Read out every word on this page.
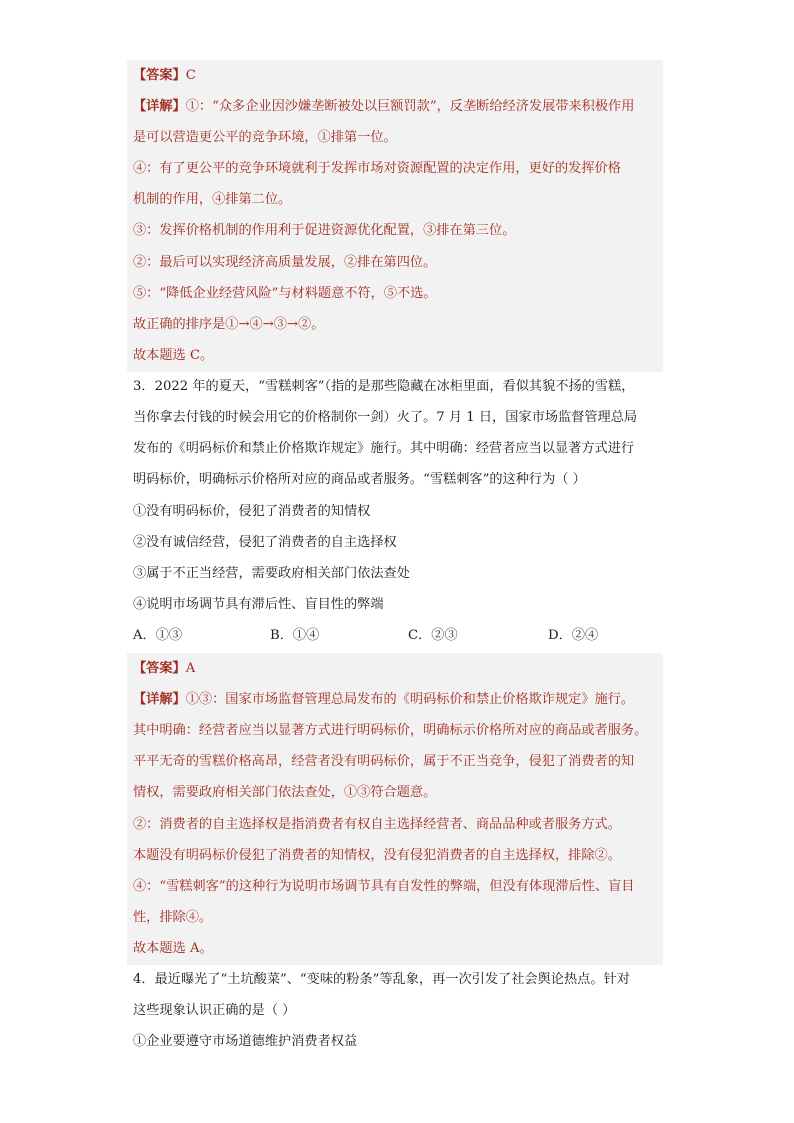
【答案】C
【详解】①：“众多企业因沙嫌垄断被处以巨额罚款”，反垄断给经济发展带来积极作用
是可以营造更公平的竞争环境，①排第一位。
④：有了更公平的竞争环境就利于发挥市场对资源配置的决定作用，更好的发挥价格
机制的作用，④排第二位。
③：发挥价格机制的作用利于促进资源优化配置，③排在第三位。
②：最后可以实现经济高质量发展，②排在第四位。
⑤：“降低企业经营风险”与材料题意不符，⑤不选。
故正确的排序是①→④→③→②。
故本题选 C。
3．2022 年的夏天，“雪糕刺客”（指的是那些隐藏在冰柜里面，看似其貌不扬的雪糕，
当你拿去付钱的时候会用它的价格制你一剑）火了。7 月 1 日，国家市场监督管理总局
发布的《明码标价和禁止价格欺诈规定》施行。其中明确：经营者应当以显著方式进行
明码标价，明确标示价格所对应的商品或者服务。“雪糕刺客”的这种行为（ ）
①没有明码标价，侵犯了消费者的知情权
②没有诚信经营，侵犯了消费者的自主选择权
③属于不正当经营，需要政府相关部门依法查处
④说明市场调节具有滞后性、盲目性的弊端
A．①③	B．①④	C．②③	D．②④
【答案】A
【详解】①③：国家市场监督管理总局发布的《明码标价和禁止价格欺诈规定》施行。
其中明确：经营者应当以显著方式进行明码标价，明确标示价格所对应的商品或者服务。
平平无奇的雪糕价格高昂，经营者没有明码标价，属于不正当竞争，侵犯了消费者的知
情权，需要政府相关部门依法查处，①③符合题意。
②：消费者的自主选择权是指消费者有权自主选择经营者、商品品种或者服务方式。
本题没有明码标价侵犯了消费者的知情权，没有侵犯消费者的自主选择权，排除②。
④：“雪糕刺客”的这种行为说明市场调节具有自发性的弊端，但没有体现滞后性、盲目
性，排除④。
故本题选 A。
4．最近曝光了“土坑酸菜”、“变味的粉条”等乱象，再一次引发了社会舆论热点。针对
这些现象认识正确的是（ ）
①企业要遵守市场道德维护消费者权益
